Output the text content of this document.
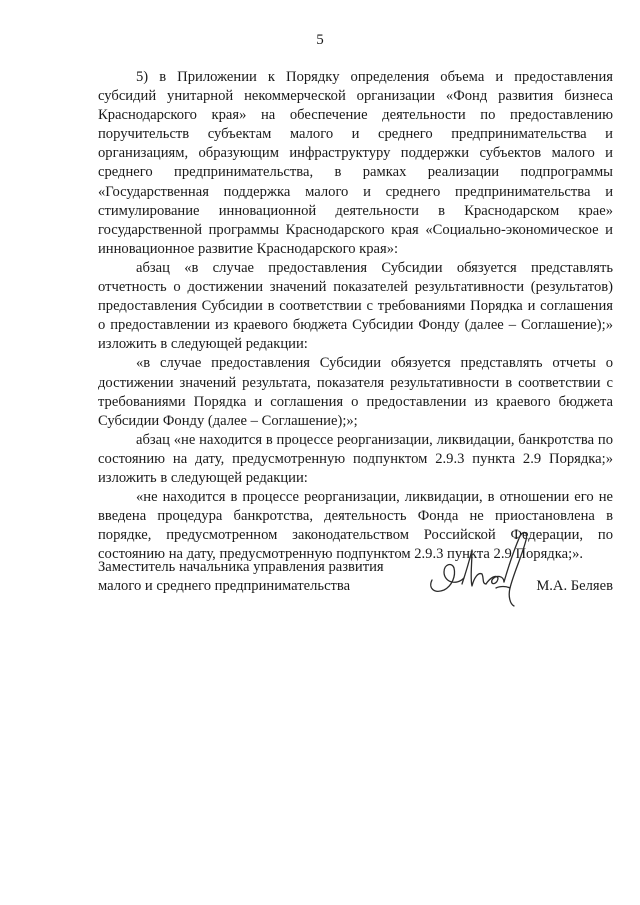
5

5) в Приложении к Порядку определения объема и предоставления субсидий унитарной некоммерческой организации «Фонд развития бизнеса Краснодарского края» на обеспечение деятельности по предоставлению поручительств субъектам малого и среднего предпринимательства и организациям, образующим инфраструктуру поддержки субъектов малого и среднего предпринимательства, в рамках реализации подпрограммы «Государственная поддержка малого и среднего предпринимательства и стимулирование инновационной деятельности в Краснодарском крае» государственной программы Краснодарского края «Социально-экономическое и инновационное развитие Краснодарского края»:

абзац «в случае предоставления Субсидии обязуется представлять отчетность о достижении значений показателей результативности (результатов) предоставления Субсидии в соответствии с требованиями Порядка и соглашения о предоставлении из краевого бюджета Субсидии Фонду (далее – Соглашение);» изложить в следующей редакции:

«в случае предоставления Субсидии обязуется представлять отчеты о достижении значений результата, показателя результативности в соответствии с требованиями Порядка и соглашения о предоставлении из краевого бюджета Субсидии Фонду (далее – Соглашение);»;

абзац «не находится в процессе реорганизации, ликвидации, банкротства по состоянию на дату, предусмотренную подпунктом 2.9.3 пункта 2.9 Порядка;» изложить в следующей редакции:

«не находится в процессе реорганизации, ликвидации, в отношении его не введена процедура банкротства, деятельность Фонда не приостановлена в порядке, предусмотренном законодательством Российской Федерации, по состоянию на дату, предусмотренную подпунктом 2.9.3 пункта 2.9 Порядка;».

Заместитель начальника управления развития
малого и среднего предпринимательства	М.А. Беляев
